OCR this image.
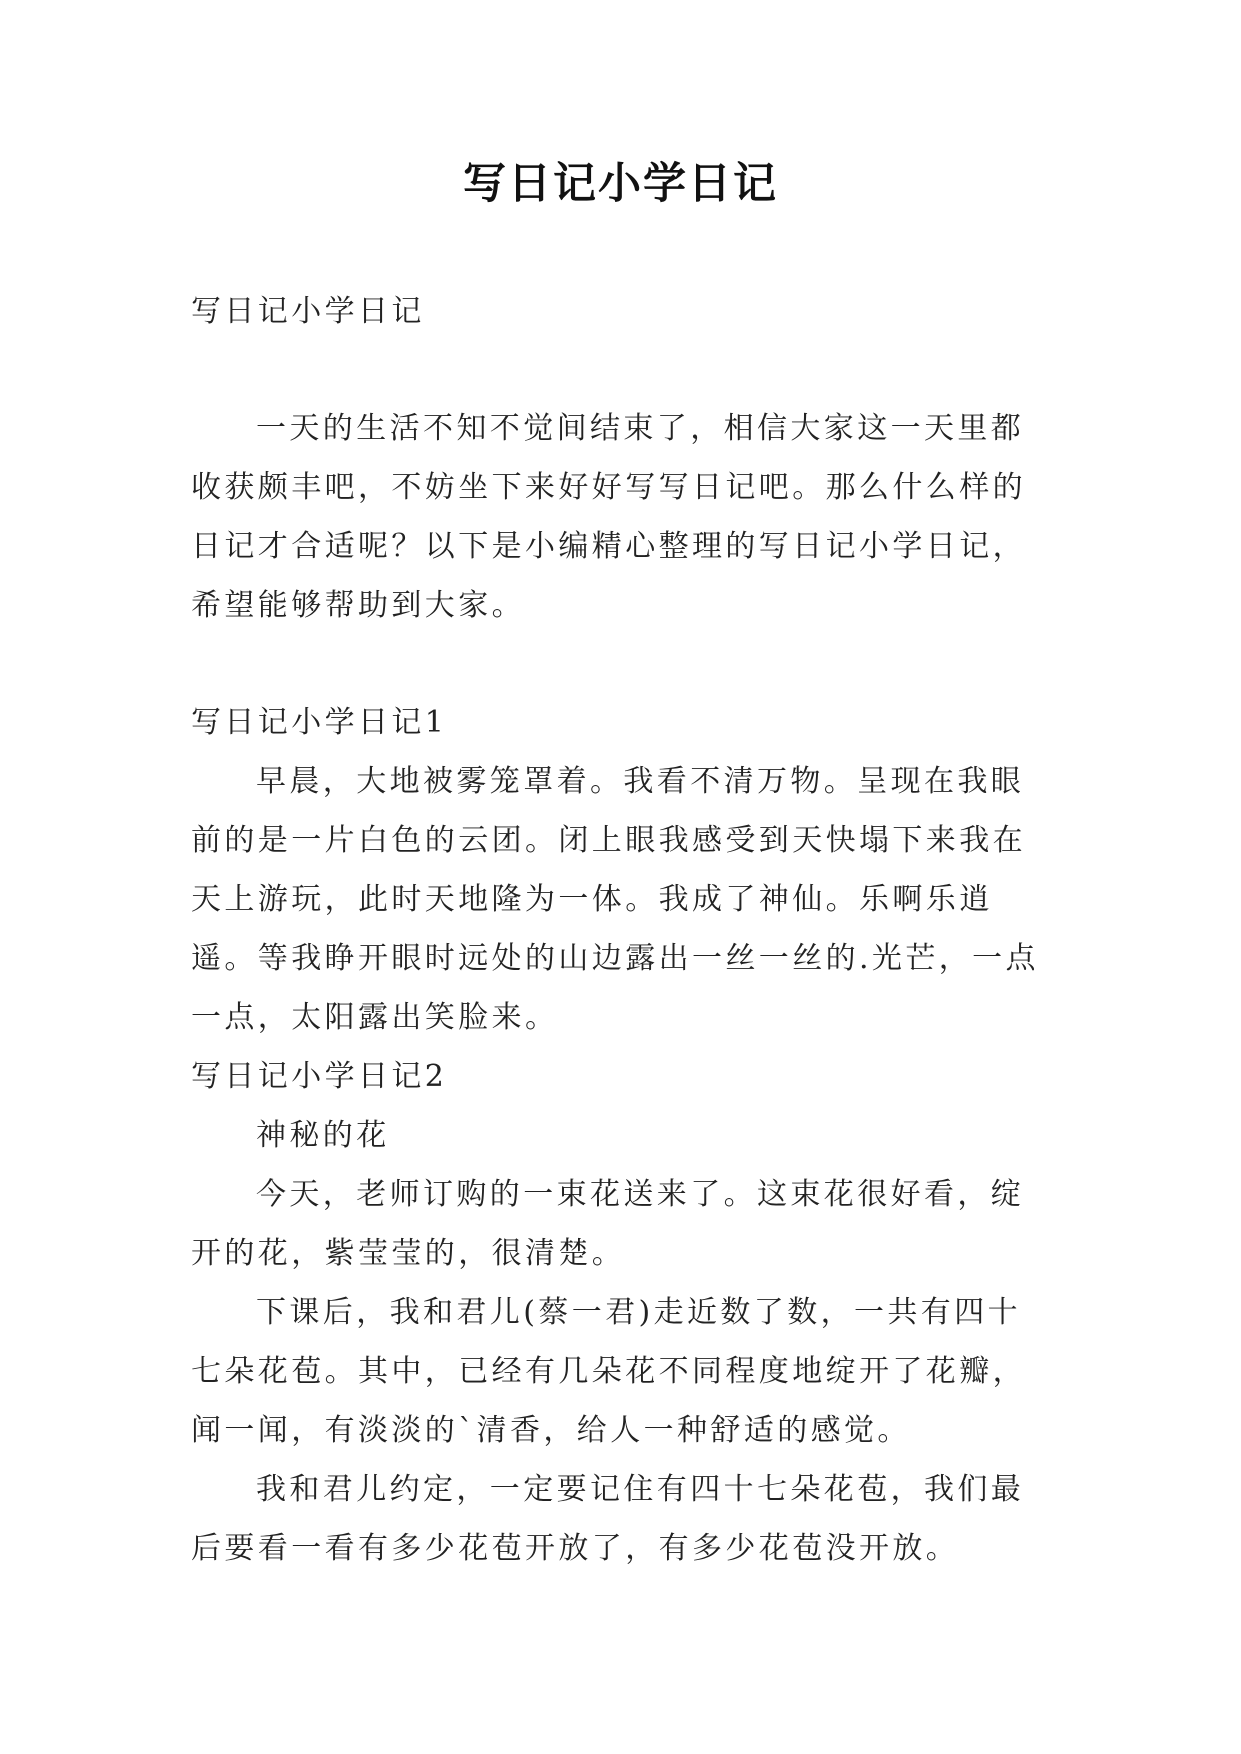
写日记小学日记

写日记小学日记

一天的生活不知不觉间结束了，相信大家这一天里都收获颇丰吧，不妨坐下来好好写写日记吧。那么什么样的日记才合适呢？以下是小编精心整理的写日记小学日记，希望能够帮助到大家。

写日记小学日记1

早晨，大地被雾笼罩着。我看不清万物。呈现在我眼前的是一片白色的云团。闭上眼我感受到天快塌下来我在天上游玩，此时天地隆为一体。我成了神仙。乐啊乐逍遥。等我睁开眼时远处的山边露出一丝一丝的.光芒，一点一点，太阳露出笑脸来。

写日记小学日记2

神秘的花

今天，老师订购的一束花送来了。这束花很好看，绽开的花，紫莹莹的，很清楚。

下课后，我和君儿(蔡一君)走近数了数，一共有四十七朵花苞。其中，已经有几朵花不同程度地绽开了花瓣，闻一闻，有淡淡的`清香，给人一种舒适的感觉。

我和君儿约定，一定要记住有四十七朵花苞，我们最后要看一看有多少花苞开放了，有多少花苞没开放。
